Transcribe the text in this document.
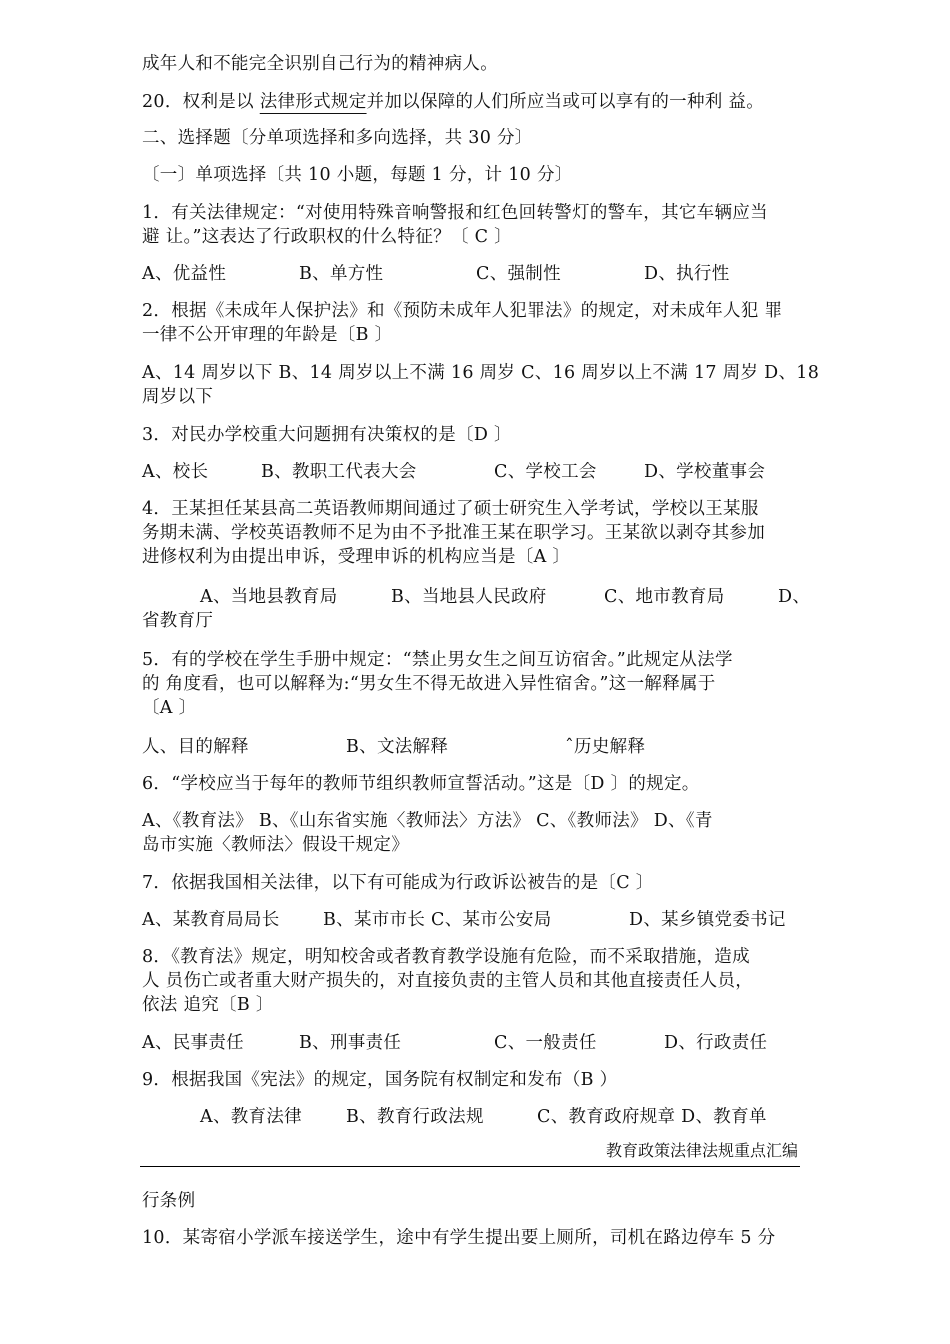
成年人和不能完全识别自己行为的精神病人。
20．权利是以 法律形式规定并加以保障的人们所应当或可以享有的一种利 益。
二、选择题〔分单项选择和多向选择，共 30 分〕
〔一〕单项选择〔共 10 小题，每题 1 分，计 10 分〕
1．有关法律规定：“对使用特殊音响警报和红色回转警灯的警车，其它车辆应当
避 让。”这表达了行政职权的什么特征？〔 C 〕
A、优益性	B、单方性	C、强制性	D、执行性
2．根据《未成年人保护法》和《预防未成年人犯罪法》的规定，对未成年人犯 罪
一律不公开审理的年龄是〔B 〕
A、14 周岁以下 B、14 周岁以上不满 16 周岁 C、16 周岁以上不满 17 周岁 D、18
周岁以下
3．对民办学校重大问题拥有决策权的是〔D 〕
A、校长	B、教职工代表大会	C、学校工会	D、学校董事会
4．王某担任某县高二英语教师期间通过了硕士研究生入学考试，学校以王某服
务期未满、学校英语教师不足为由不予批准王某在职学习。王某欲以剥夺其参加
进修权利为由提出申诉，受理申诉的机构应当是〔A 〕
A、当地县教育局	B、当地县人民政府	C、地市教育局	D、
省教育厅
5．有的学校在学生手册中规定：“禁止男女生之间互访宿舍。”此规定从法学
的 角度看，也可以解释为:“男女生不得无故进入异性宿舍。”这一解释属于
〔A 〕
人、目的解释	B、文法解释	ˆ历史解释
6．“学校应当于每年的教师节组织教师宣誓活动。”这是〔D 〕的规定。
A、《教育法》 B、《山东省实施〈教师法〉方法》 C、《教师法》 D、《青
岛市实施〈教师法〉假设干规定》
7．依据我国相关法律，以下有可能成为行政诉讼被告的是〔C 〕
A、某教育局局长 B、某市市长 C、某市公安局	D、某乡镇党委书记
8．《教育法》规定，明知校舍或者教育教学设施有危险，而不采取措施，造成
人 员伤亡或者重大财产损失的，对直接负责的主管人员和其他直接责任人员，
依法 追究〔B 〕
A、民事责任	B、刑事责任	C、一般责任	D、行政责任
9．根据我国《宪法》的规定，国务院有权制定和发布（B ）
A、教育法律	B、教育行政法规	C、教育政府规章 D、教育单
教育政策法律法规重点汇编
行条例
10．某寄宿小学派车接送学生，途中有学生提出要上厕所，司机在路边停车 5 分
